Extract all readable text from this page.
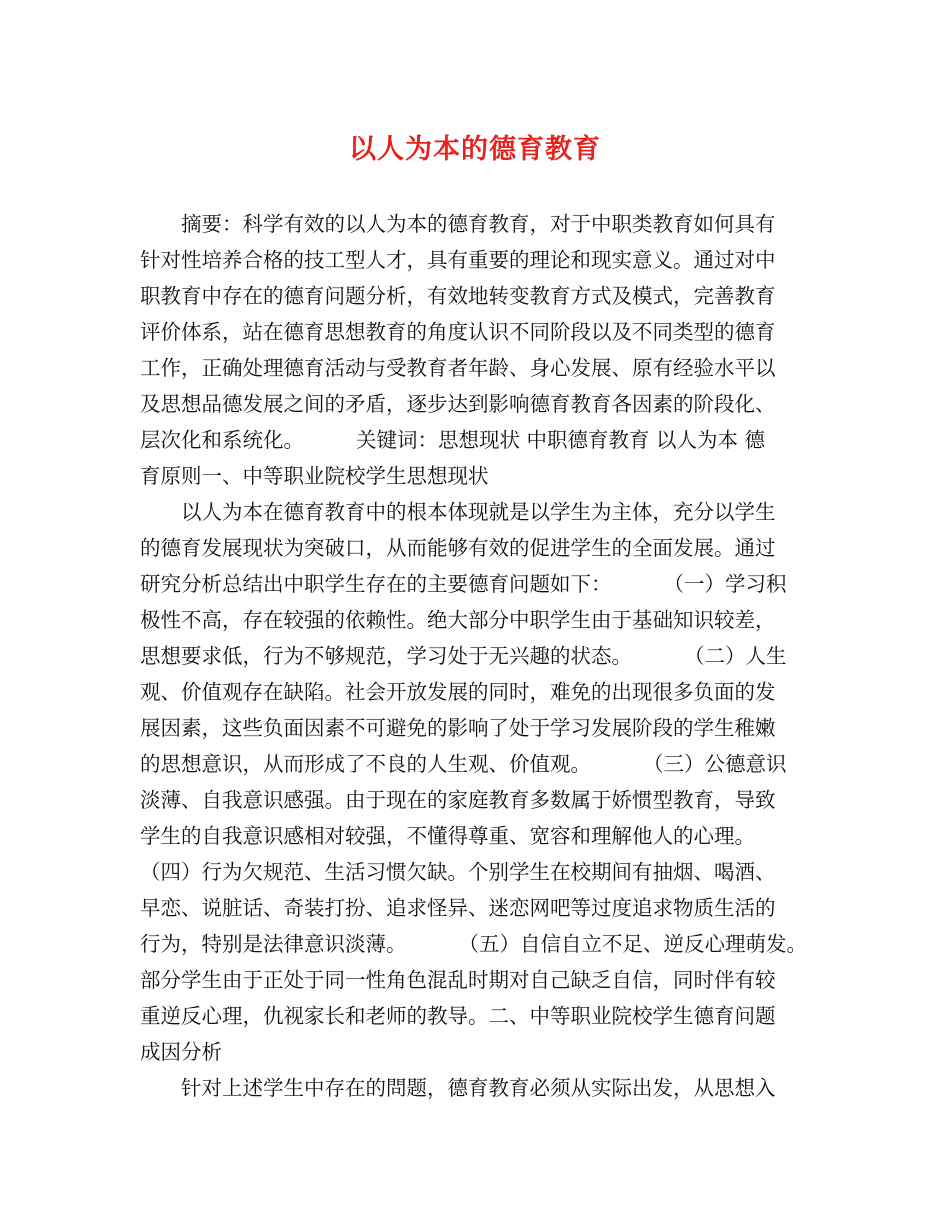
以人为本的德育教育
摘要：科学有效的以人为本的德育教育，对于中职类教育如何具有
针对性培养合格的技工型人才，具有重要的理论和现实意义。通过对中
职教育中存在的德育问题分析，有效地转变教育方式及模式，完善教育
评价体系，站在德育思想教育的角度认识不同阶段以及不同类型的德育
工作，正确处理德育活动与受教育者年龄、身心发展、原有经验水平以
及思想品德发展之间的矛盾，逐步达到影响德育教育各因素的阶段化、
层次化和系统化。	关键词：思想现状 中职德育教育 以人为本 德
育原则一、中等职业院校学生思想现状
以人为本在德育教育中的根本体现就是以学生为主体，充分以学生
的德育发展现状为突破口，从而能够有效的促进学生的全面发展。通过
研究分析总结出中职学生存在的主要德育问题如下：	（一）学习积
极性不高，存在较强的依赖性。绝大部分中职学生由于基础知识较差，
思想要求低，行为不够规范，学习处于无兴趣的状态。	（二）人生
观、价值观存在缺陷。社会开放发展的同时，难免的出现很多负面的发
展因素，这些负面因素不可避免的影响了处于学习发展阶段的学生稚嫩
的思想意识，从而形成了不良的人生观、价值观。	（三）公德意识
淡薄、自我意识感强。由于现在的家庭教育多数属于娇惯型教育，导致
学生的自我意识感相对较强，不懂得尊重、宽容和理解他人的心理。
（四）行为欠规范、生活习惯欠缺。个别学生在校期间有抽烟、喝酒、
早恋、说脏话、奇装打扮、追求怪异、迷恋网吧等过度追求物质生活的
行为，特别是法律意识淡薄。	（五）自信自立不足、逆反心理萌发。
部分学生由于正处于同一性角色混乱时期对自己缺乏自信，同时伴有较
重逆反心理，仇视家长和老师的教导。二、中等职业院校学生德育问题
成因分析
针对上述学生中存在的問题，德育教育必须从实际出发，从思想入
